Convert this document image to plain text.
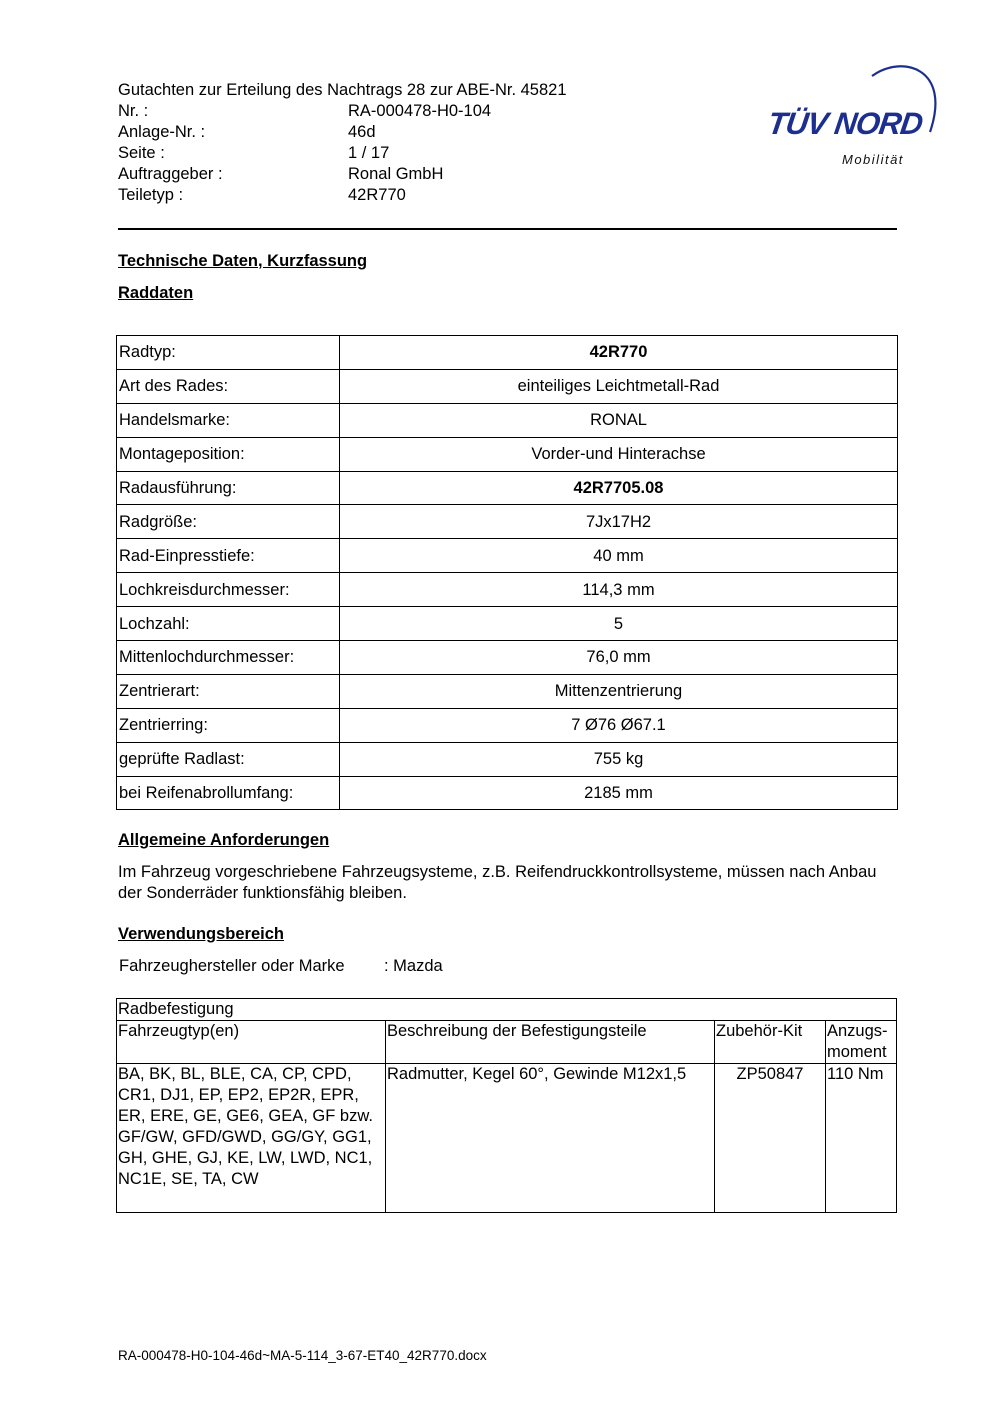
Gutachten zur Erteilung des Nachtrags 28 zur ABE-Nr. 45821
Nr. :	RA-000478-H0-104
Anlage-Nr. :	46d
Seite :	1 / 17
Auftraggeber :	Ronal GmbH
Teiletyp :	42R770
TÜV NORD
Mobilität
Technische Daten, Kurzfassung
Raddaten
Radtyp:	42R770
Art des Rades:	einteiliges Leichtmetall-Rad
Handelsmarke:	RONAL
Montageposition:	Vorder-und Hinterachse
Radausführung:	42R7705.08
Radgröße:	7Jx17H2
Rad-Einpresstiefe:	40 mm
Lochkreisdurchmesser:	114,3 mm
Lochzahl:	5
Mittenlochdurchmesser:	76,0 mm
Zentrierart:	Mittenzentrierung
Zentrierring:	7 Ø76 Ø67.1
geprüfte Radlast:	755 kg
bei Reifenabrollumfang:	2185 mm
Allgemeine Anforderungen
Im Fahrzeug vorgeschriebene Fahrzeugsysteme, z.B. Reifendruckkontrollsysteme, müssen nach Anbau der Sonderräder funktionsfähig bleiben.
Verwendungsbereich
Fahrzeughersteller oder Marke : Mazda
Radbefestigung			
Fahrzeugtyp(en)	Beschreibung der Befestigungsteile	Zubehör-Kit	Anzugs-moment
BA, BK, BL, BLE, CA, CP, CPD, CR1, DJ1, EP, EP2, EP2R, EPR, ER, ERE, GE, GE6, GEA, GF bzw. GF/GW, GFD/GWD, GG/GY, GG1, GH, GHE, GJ, KE, LW, LWD, NC1, NC1E, SE, TA, CW	Radmutter, Kegel 60°, Gewinde M12x1,5	ZP50847	110 Nm
RA-000478-H0-104-46d~MA-5-114_3-67-ET40_42R770.docx
